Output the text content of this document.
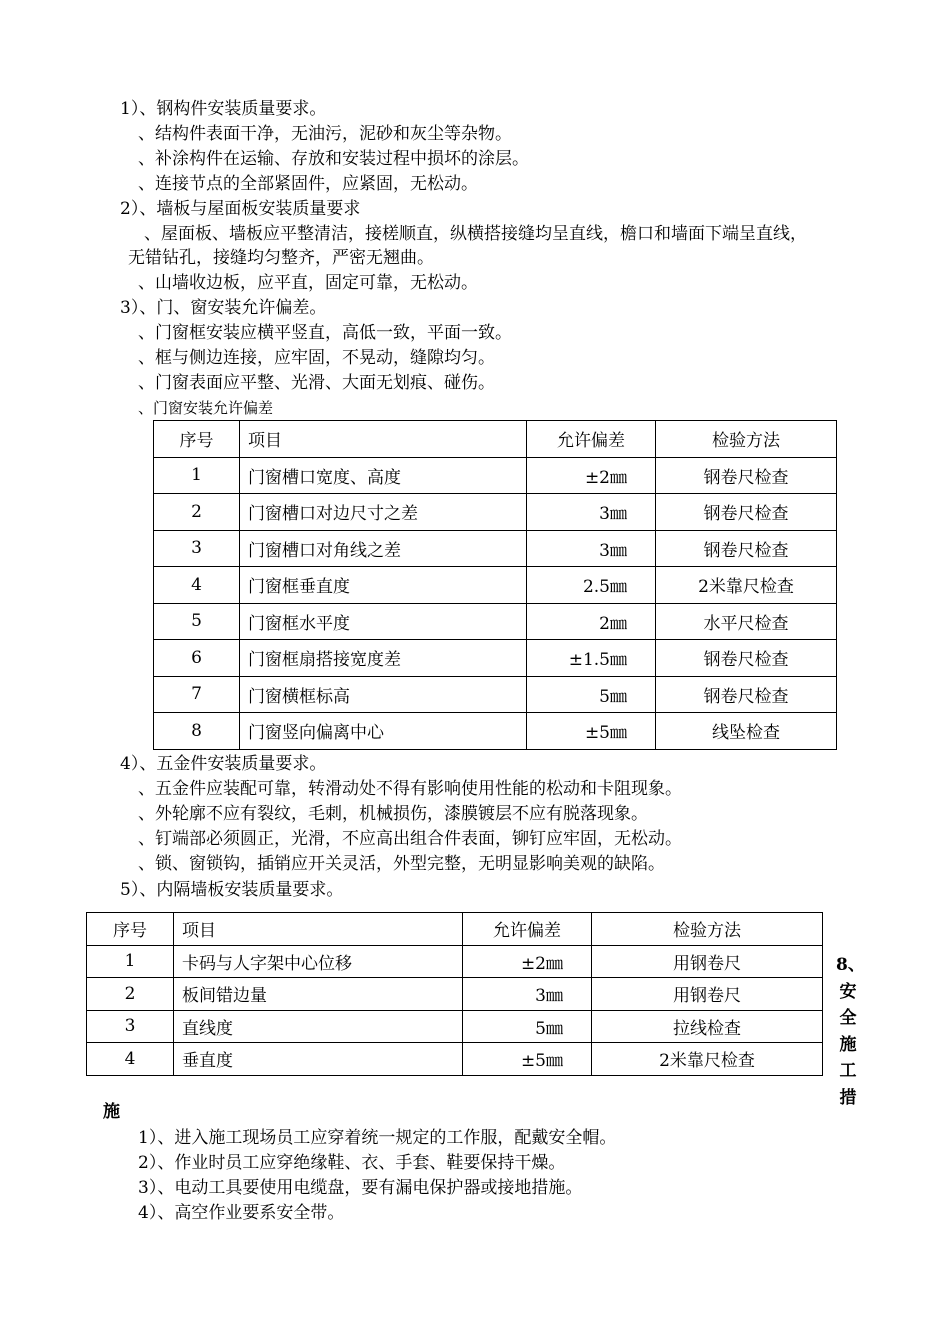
1）、钢构件安装质量要求。
、结构件表面干净，无油污，泥砂和灰尘等杂物。
、补涂构件在运输、存放和安装过程中损坏的涂层。
、连接节点的全部紧固件，应紧固，无松动。
2）、墙板与屋面板安装质量要求
、屋面板、墙板应平整清洁，接槎顺直，纵横搭接缝均呈直线，檐口和墙面下端呈直线，
无错钻孔，接缝均匀整齐，严密无翘曲。
、山墙收边板，应平直，固定可靠，无松动。
3）、门、窗安装允许偏差。
、门窗框安装应横平竖直，高低一致，平面一致。
、框与侧边连接，应牢固，不晃动，缝隙均匀。
、门窗表面应平整、光滑、大面无划痕、碰伤。
、门窗安装允许偏差
序号	项目	允许偏差	检验方法
1	门窗槽口宽度、高度	±2㎜	钢卷尺检查
2	门窗槽口对边尺寸之差	3㎜	钢卷尺检查
3	门窗槽口对角线之差	3㎜	钢卷尺检查
4	门窗框垂直度	2.5㎜	2米靠尺检查
5	门窗框水平度	2㎜	水平尺检查
6	门窗框扇搭接宽度差	±1.5㎜	钢卷尺检查
7	门窗横框标高	5㎜	钢卷尺检查
8	门窗竖向偏离中心	±5㎜	线坠检查
4）、五金件安装质量要求。
、五金件应装配可靠，转滑动处不得有影响使用性能的松动和卡阻现象。
、外轮廓不应有裂纹，毛刺，机械损伤，漆膜镀层不应有脱落现象。
、钉端部必须圆正，光滑，不应高出组合件表面，铆钉应牢固，无松动。
、锁、窗锁钩，插销应开关灵活，外型完整，无明显影响美观的缺陷。
5）、内隔墙板安装质量要求。
序号	项目	允许偏差	检验方法
1	卡码与人字架中心位移	±2㎜	用钢卷尺
2	板间错边量	3㎜	用钢卷尺
3	直线度	5㎜	拉线检查
4	垂直度	±5㎜	2米靠尺检查
8、
安
全
施
工
措
施
1）、进入施工现场员工应穿着统一规定的工作服，配戴安全帽。
2）、作业时员工应穿绝缘鞋、衣、手套、鞋要保持干燥。
3）、电动工具要使用电缆盘，要有漏电保护器或接地措施。
4）、高空作业要系安全带。
